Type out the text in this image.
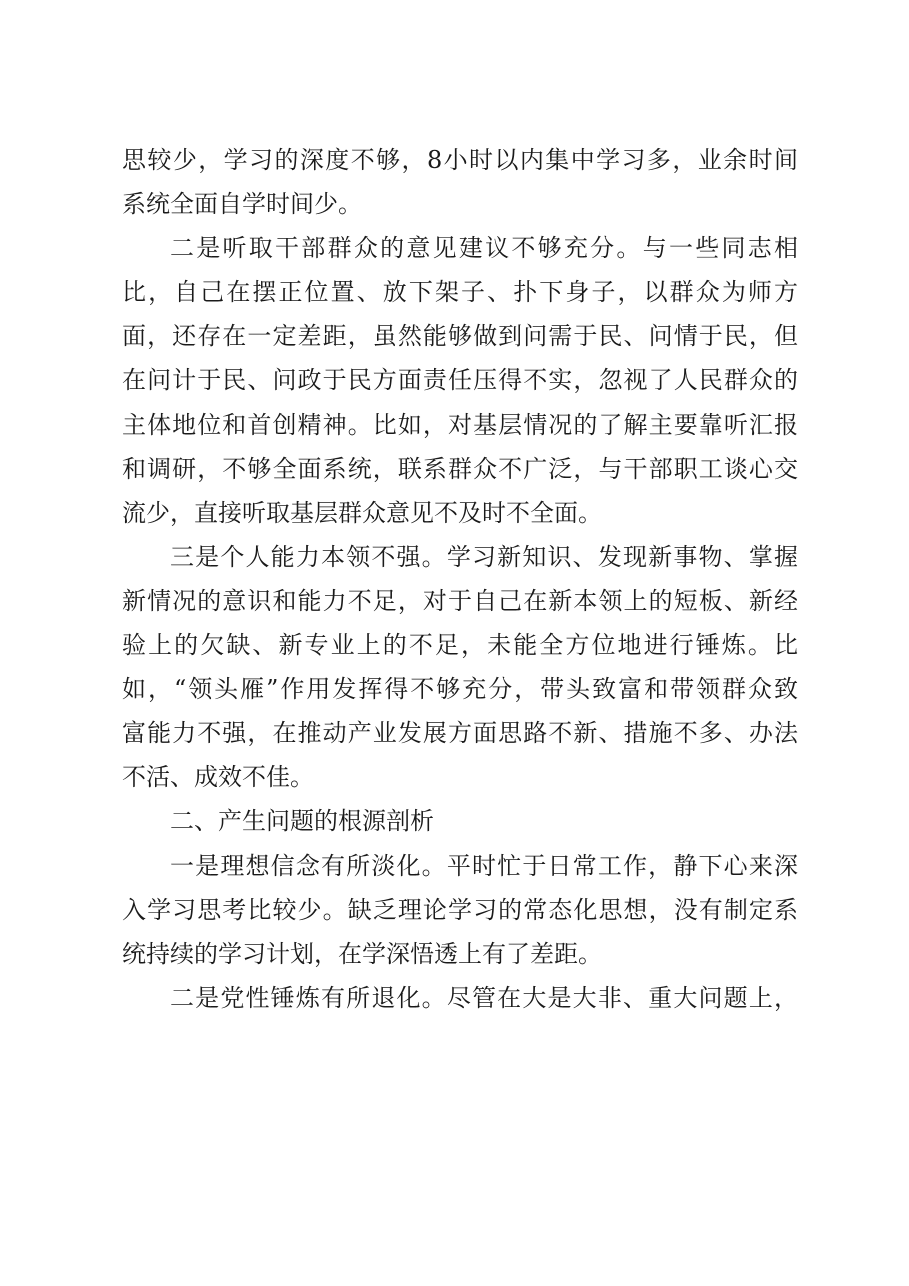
思较少，学习的深度不够，8小时以内集中学习多，业余时间
系统全面自学时间少。
二是听取干部群众的意见建议不够充分。与一些同志相
比，自己在摆正位置、放下架子、扑下身子，以群众为师方
面，还存在一定差距，虽然能够做到问需于民、问情于民，但
在问计于民、问政于民方面责任压得不实，忽视了人民群众的
主体地位和首创精神。比如，对基层情况的了解主要靠听汇报
和调研，不够全面系统，联系群众不广泛，与干部职工谈心交
流少，直接听取基层群众意见不及时不全面。
三是个人能力本领不强。学习新知识、发现新事物、掌握
新情况的意识和能力不足，对于自己在新本领上的短板、新经
验上的欠缺、新专业上的不足，未能全方位地进行锤炼。比
如，“领头雁”作用发挥得不够充分，带头致富和带领群众致
富能力不强，在推动产业发展方面思路不新、措施不多、办法
不活、成效不佳。
二、产生问题的根源剖析
一是理想信念有所淡化。平时忙于日常工作，静下心来深
入学习思考比较少。缺乏理论学习的常态化思想，没有制定系
统持续的学习计划，在学深悟透上有了差距。
二是党性锤炼有所退化。尽管在大是大非、重大问题上，
